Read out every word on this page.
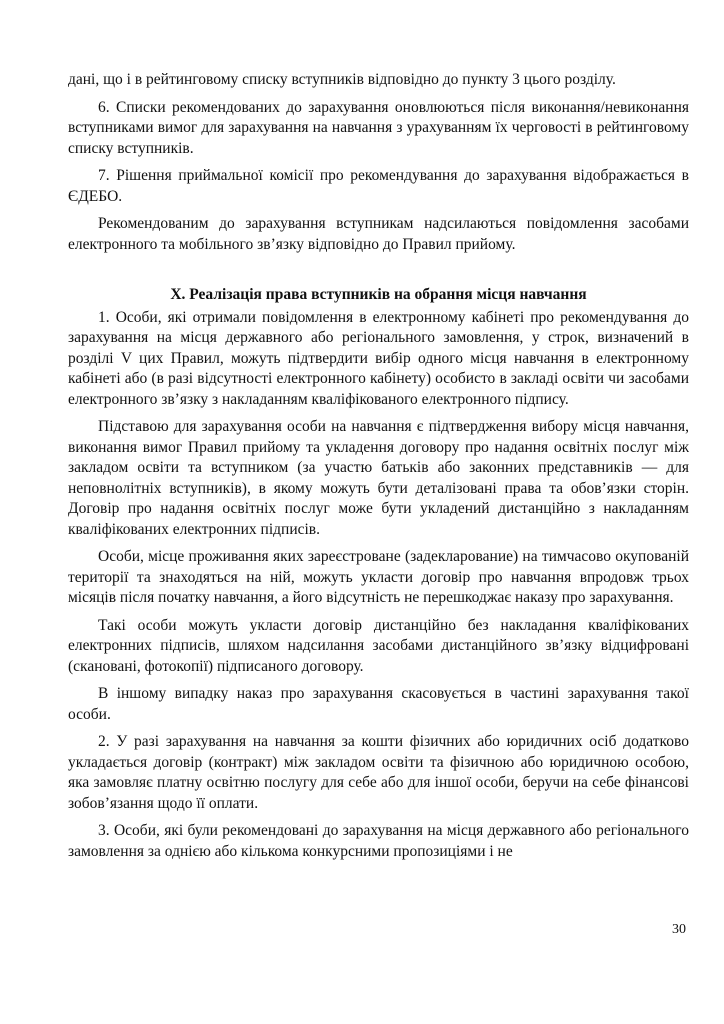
дані, що і в рейтинговому списку вступників відповідно до пункту 3 цього розділу.

6. Списки рекомендованих до зарахування оновлюються після виконання/невиконання вступниками вимог для зарахування на навчання з урахуванням їх черговості в рейтинговому списку вступників.

7. Рішення приймальної комісії про рекомендування до зарахування відображається в ЄДЕБО.

Рекомендованим до зарахування вступникам надсилаються повідомлення засобами електронного та мобільного зв’язку відповідно до Правил прийому.

X. Реалізація права вступників на обрання місця навчання

1. Особи, які отримали повідомлення в електронному кабінеті про рекомендування до зарахування на місця державного або регіонального замовлення, у строк, визначений в розділі V цих Правил, можуть підтвердити вибір одного місця навчання в електронному кабінеті або (в разі відсутності електронного кабінету) особисто в закладі освіти чи засобами електронного зв’язку з накладанням кваліфікованого електронного підпису.

Підставою для зарахування особи на навчання є підтвердження вибору місця навчання, виконання вимог Правил прийому та укладення договору про надання освітніх послуг між закладом освіти та вступником (за участю батьків або законних представників — для неповнолітніх вступників), в якому можуть бути деталізовані права та обов’язки сторін. Договір про надання освітніх послуг може бути укладений дистанційно з накладанням кваліфікованих електронних підписів.

Особи, місце проживання яких зареєстроване (задекларование) на тимчасово окупованій території та знаходяться на ній, можуть укласти договір про навчання впродовж трьох місяців після початку навчання, а його відсутність не перешкоджає наказу про зарахування.

Такі особи можуть укласти договір дистанційно без накладання кваліфікованих електронних підписів, шляхом надсилання засобами дистанційного зв’язку відцифровані (скановані, фотокопії) підписаного договору.

В іншому випадку наказ про зарахування скасовується в частині зарахування такої особи.

2. У разі зарахування на навчання за кошти фізичних або юридичних осіб додатково укладається договір (контракт) між закладом освіти та фізичною або юридичною особою, яка замовляє платну освітню послугу для себе або для іншої особи, беручи на себе фінансові зобов’язання щодо її оплати.

3. Особи, які були рекомендовані до зарахування на місця державного або регіонального замовлення за однією або кількома конкурсними пропозиціями і не

30
